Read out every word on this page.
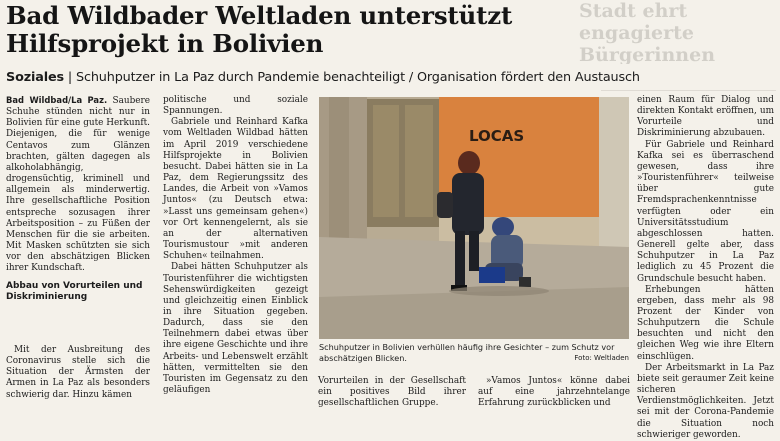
Stadt ehrt engagierte
Bürgerinnen
Bad Wildbader Weltladen unterstützt
Hilfsprojekt in Bolivien
Soziales | Schuhputzer in La Paz durch Pandemie benachteiligt / Organisation fördert den Austausch

Bad Wildbad/La Paz. Saubere Schuhe stünden nicht nur in Bolivien für eine gute Herkunft. Diejenigen, die für wenige Centavos zum Glänzen brachten, gälten dagegen als alkoholabhängig, drogensüchtig, kriminell und allgemein als minderwertig. Ihre gesellschaftliche Position entspreche sozusagen ihrer Arbeitsposition – zu Füßen der Menschen für die sie arbeiten. Mit Masken schützten sie sich vor den abschätzigen Blicken ihrer Kundschaft.

Abbau von Vorurteilen und Diskriminierung

Mit der Ausbreitung des Coronavirus stelle sich die Situation der Ärmsten der Armen in La Paz als besonders schwierig dar. Hinzu kämen

politische und soziale Spannungen.

Gabriele und Reinhard Kafka vom Weltladen Wildbad hätten im April 2019 verschiedene Hilfsprojekte in Bolivien besucht. Dabei hätten sie in La Paz, dem Regierungssitz des Landes, die Arbeit von »Vamos Juntos« (zu Deutsch etwa: »Lasst uns gemeinsam gehen«) vor Ort kennengelernt, als sie an der alternativen Tourismustour »mit anderen Schuhen« teilnahmen.

Dabei hätten Schuhputzer als Touristenführer die wichtigsten Sehenswürdigkeiten gezeigt und gleichzeitig einen Einblick in ihre Situation gegeben. Dadurch, dass sie den Teilnehmern dabei etwas über ihre eigene Geschichte und ihre Arbeits- und Lebenswelt erzählt hätten, vermittelten sie den Touristen im Gegensatz zu den geläufigen

LOCAS
Schuhputzer in Bolivien verhüllen häufig ihre Gesichter – zum Schutz vor abschätzigen Blicken.	Foto: Weltladen

Vorurteilen in der Gesellschaft ein positives Bild ihrer gesellschaftlichen Gruppe.

»Vamos Juntos« könne dabei auf eine jahrzehntelange Erfahrung zurückblicken und

einen Raum für Dialog und direkten Kontakt eröffnen, um Vorurteile und Diskriminierung abzubauen.

Für Gabriele und Reinhard Kafka sei es überraschend gewesen, dass ihre »Touristenführer« teilweise über gute Fremdsprachenkenntnisse verfügten oder ein Universitätsstudium abgeschlossen hatten. Generell gelte aber, dass Schuhputzer in La Paz lediglich zu 45 Prozent die Grundschule besucht haben.

Erhebungen hätten ergeben, dass mehr als 98 Prozent der Kinder von Schuhputzern die Schule besuchten und nicht den gleichen Weg wie ihre Eltern einschlügen.

Der Arbeitsmarkt in La Paz biete seit geraumer Zeit keine sicheren Verdienstmöglichkeiten. Jetzt sei mit der Corona-Pandemie die Situation noch schwieriger geworden.
